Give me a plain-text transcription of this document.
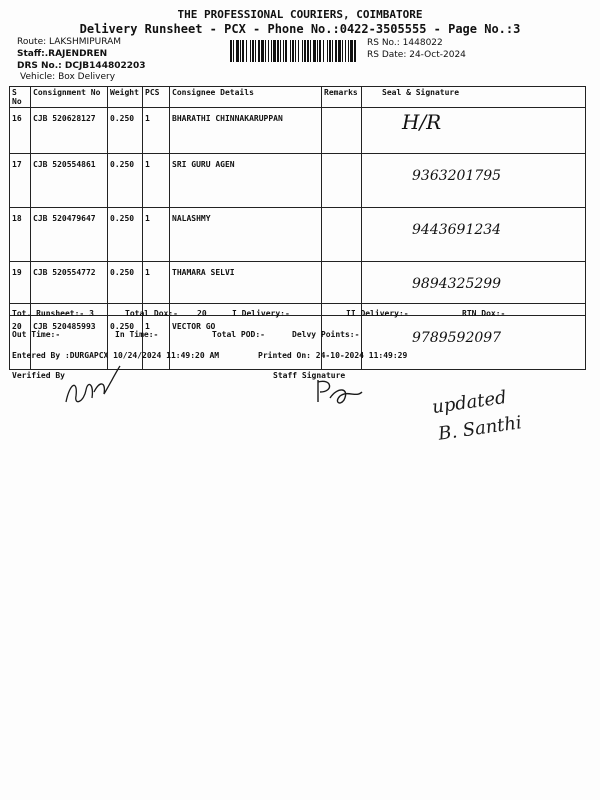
THE PROFESSIONAL COURIERS, COIMBATORE
Delivery Runsheet - PCX - Phone No.:0422-3505555 - Page No.:3
Route: LAKSHMIPURAM
Staff:.RAJENDREN
DRS No.: DCJB144802203
Vehicle: Box Delivery
RS No.: 1448022
RS Date: 24-Oct-2024
S No	Consignment No	Weight	PCS	Consignee Details	Remarks	Seal & Signature
16	CJB 520628127	0.250	1	BHARATHI CHINNAKARUPPAN		H/R
17	CJB 520554861	0.250	1	SRI GURU AGEN		9363201795
18	CJB 520479647	0.250	1	NALASHMY		9443691234
19	CJB 520554772	0.250	1	THAMARA SELVI		9894325299
20	CJB 520485993	0.250	1	VECTOR GO		9789592097
Tot. Runsheet:- 3	Total Dox:- 20	I Delivery:-	II Delivery:-	RTN Dox:-
Out Time:-	In Time:-	Total POD:-	Delvy Points:-
Entered By :DURGAPCX 10/24/2024 11:49:20 AM	Printed On: 24-10-2024 11:49:29
Verified By	Staff Signature
updated
B. Santhi
